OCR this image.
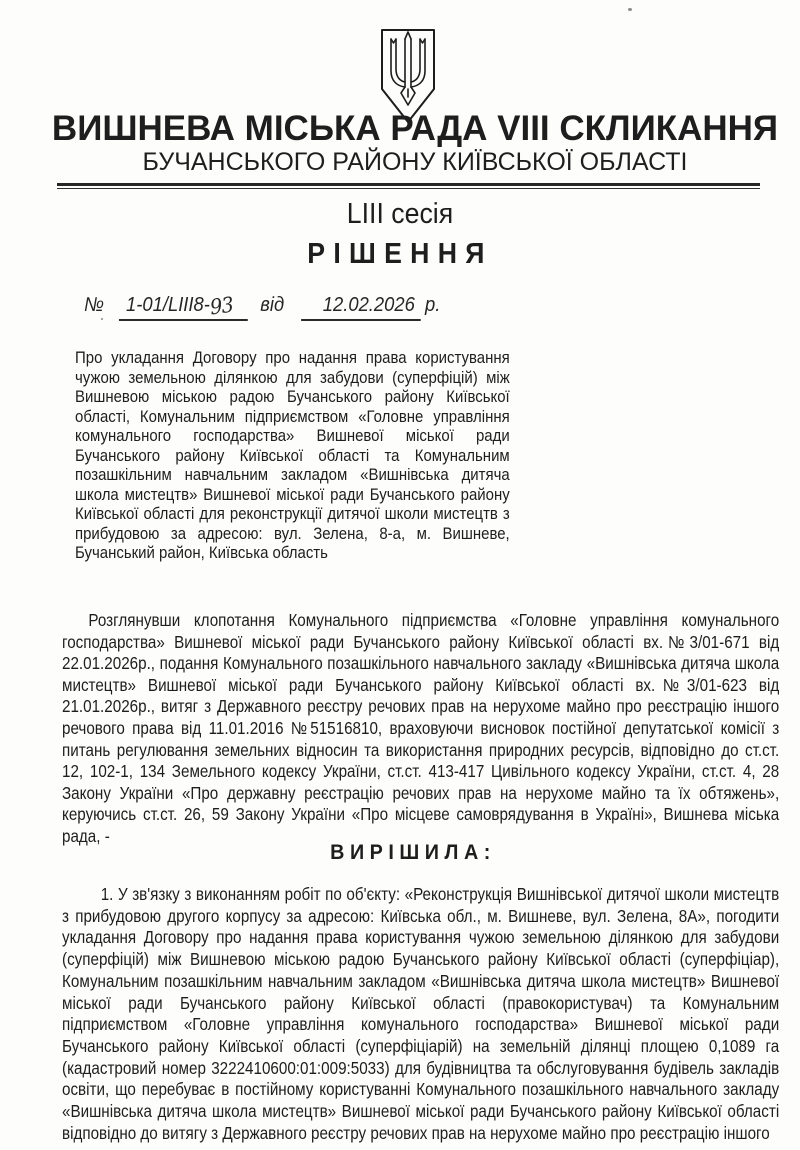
ВИШНЕВА МІСЬКА РАДА VIII СКЛИКАННЯ
БУЧАНСЬКОГО РАЙОНУ КИЇВСЬКОЇ ОБЛАСТІ
LIII сесія
РІШЕННЯ
№ 1-01/LIII8-93 від 12.02.2026 р.
Про укладання Договору про надання права користування чужою земельною ділянкою для забудови (суперфіцій) між Вишневою міською радою Бучанського району Київської області, Комунальним підприємством «Головне управління комунального господарства» Вишневої міської ради Бучанського району Київської області та Комунальним позашкільним навчальним закладом «Вишнівська дитяча школа мистецтв» Вишневої міської ради Бучанського району Київської області для реконструкції дитячої школи мистецтв з прибудовою за адресою: вул. Зелена, 8-а, м. Вишневе, Бучанський район, Київська область
Розглянувши клопотання Комунального підприємства «Головне управління комунального господарства» Вишневої міської ради Бучанського району Київської області вх.№3/01-671 від 22.01.2026р., подання Комунального позашкільного навчального закладу «Вишнівська дитяча школа мистецтв» Вишневої міської ради Бучанського району Київської області вх.№3/01-623 від 21.01.2026р., витяг з Державного реєстру речових прав на нерухоме майно про реєстрацію іншого речового права від 11.01.2016 №51516810, враховуючи висновок постійної депутатської комісії з питань регулювання земельних відносин та використання природних ресурсів, відповідно до ст.ст. 12, 102-1, 134 Земельного кодексу України, ст.ст. 413-417 Цивільного кодексу України, ст.ст. 4, 28 Закону України «Про державну реєстрацію речових прав на нерухоме майно та їх обтяжень», керуючись ст.ст. 26, 59 Закону України «Про місцеве самоврядування в Україні», Вишнева міська рада, -
ВИРІШИЛА:
1. У зв'язку з виконанням робіт по об'єкту: «Реконструкція Вишнівської дитячої школи мистецтв з прибудовою другого корпусу за адресою: Київська обл., м. Вишневе, вул. Зелена, 8А», погодити укладання Договору про надання права користування чужою земельною ділянкою для забудови (суперфіцій) між Вишневою міською радою Бучанського району Київської області (суперфіціар), Комунальним позашкільним навчальним закладом «Вишнівська дитяча школа мистецтв» Вишневої міської ради Бучанського району Київської області (правокористувач) та Комунальним підприємством «Головне управління комунального господарства» Вишневої міської ради Бучанського району Київської області (суперфіціарій) на земельній ділянці площею 0,1089 га (кадастровий номер 3222410600:01:009:5033) для будівництва та обслуговування будівель закладів освіти, що перебуває в постійному користуванні Комунального позашкільного навчального закладу «Вишнівська дитяча школа мистецтв» Вишневої міської ради Бучанського району Київської області відповідно до витягу з Державного реєстру речових прав на нерухоме майно про реєстрацію іншого
